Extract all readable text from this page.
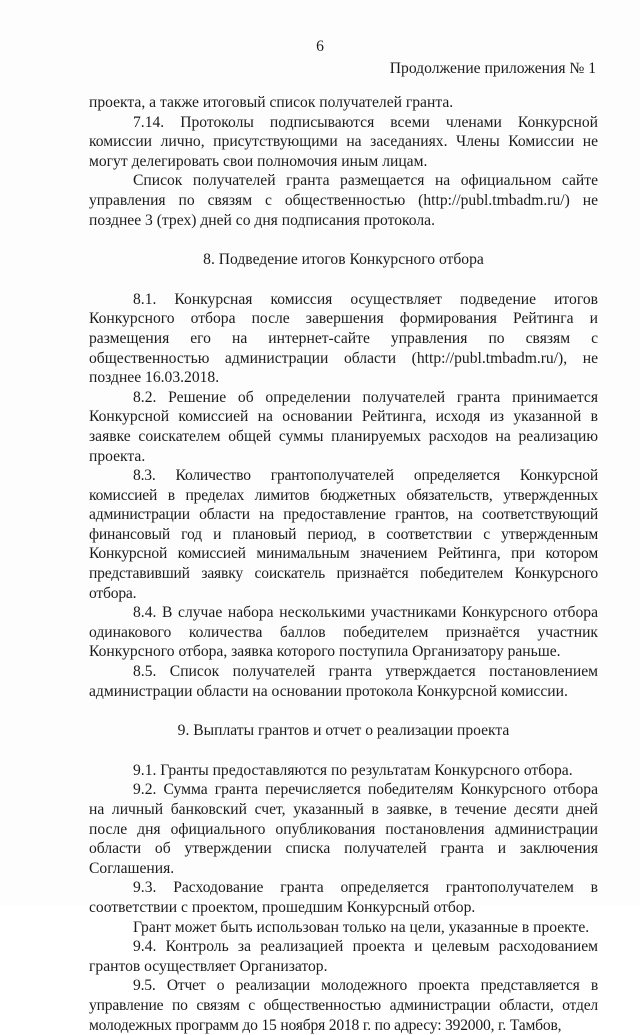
6
Продолжение приложения № 1

проекта, а также итоговый список получателей гранта.

7.14. Протоколы подписываются всеми членами Конкурсной комиссии лично, присутствующими на заседаниях. Члены Комиссии не могут делегировать свои полномочия иным лицам.

Список получателей гранта размещается на официальном сайте управления по связям с общественностью (http://publ.tmbadm.ru/) не позднее 3 (трех) дней со дня подписания протокола.

8. Подведение итогов Конкурсного отбора

8.1. Конкурсная комиссия осуществляет подведение итогов Конкурсного отбора после завершения формирования Рейтинга и размещения его на интернет-сайте управления по связям с общественностью администрации области (http://publ.tmbadm.ru/), не позднее 16.03.2018.

8.2. Решение об определении получателей гранта принимается Конкурсной комиссией на основании Рейтинга, исходя из указанной в заявке соискателем общей суммы планируемых расходов на реализацию проекта.

8.3. Количество грантополучателей определяется Конкурсной комиссией в пределах лимитов бюджетных обязательств, утвержденных администрации области на предоставление грантов, на соответствующий финансовый год и плановый период, в соответствии с утвержденным Конкурсной комиссией минимальным значением Рейтинга, при котором представивший заявку соискатель признаётся победителем Конкурсного отбора.

8.4. В случае набора несколькими участниками Конкурсного отбора одинакового количества баллов победителем признаётся участник Конкурсного отбора, заявка которого поступила Организатору раньше.

8.5. Список получателей гранта утверждается постановлением администрации области на основании протокола Конкурсной комиссии.

9. Выплаты грантов и отчет о реализации проекта

9.1. Гранты предоставляются по результатам Конкурсного отбора.

9.2. Сумма гранта перечисляется победителям Конкурсного отбора на личный банковский счет, указанный в заявке, в течение десяти дней после дня официального опубликования постановления администрации области об утверждении списка получателей гранта и заключения Соглашения.

9.3. Расходование гранта определяется грантополучателем в соответствии с проектом, прошедшим Конкурсный отбор.

Грант может быть использован только на цели, указанные в проекте.

9.4. Контроль за реализацией проекта и целевым расходованием грантов осуществляет Организатор.

9.5. Отчет о реализации молодежного проекта представляется в управление по связям с общественностью администрации области, отдел молодежных программ до 15 ноября 2018 г. по адресу: 392000, г. Тамбов,
